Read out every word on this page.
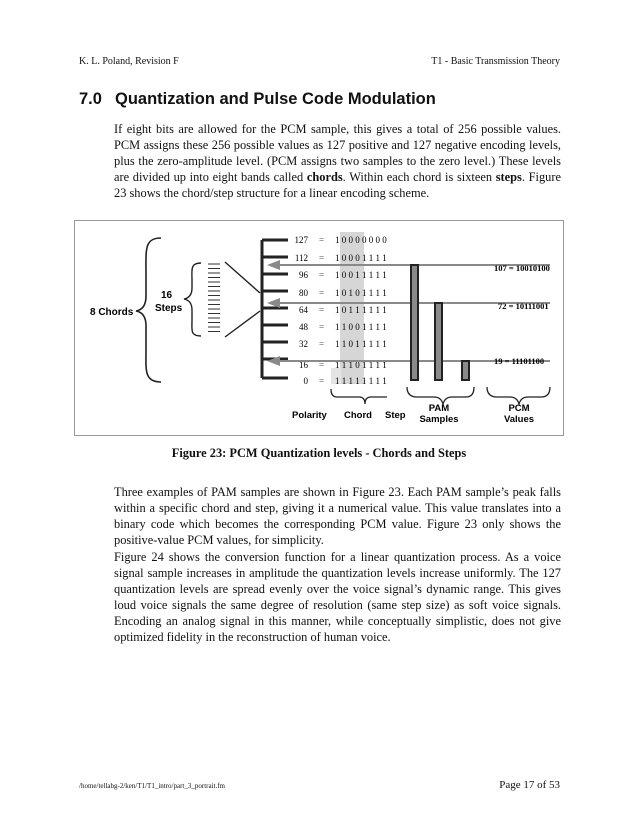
K. L. Poland, Revision F	T1 - Basic Transmission Theory
7.0 Quantization and Pulse Code Modulation

If eight bits are allowed for the PCM sample, this gives a total of 256 possible values. PCM assigns these 256 possible values as 127 positive and 127 negative encoding levels, plus the zero-amplitude level. (PCM assigns two samples to the zero level.) These levels are divided up into eight bands called chords. Within each chord is sixteen steps. Figure 23 shows the chord/step structure for a linear encoding scheme.

8 Chords
16
Steps
127
112
96
80
64
48
32
16
0
=
=
=
=
=
=
=
=
=
1 0 0 0 0 0 0 0
1 0 0 0 1 1 1 1
1 0 0 1 1 1 1 1
1 0 1 0 1 1 1 1
1 0 1 1 1 1 1 1
1 1 0 0 1 1 1 1
1 1 0 1 1 1 1 1
1 1 1 0 1 1 1 1
1 1 1 1 1 1 1 1
107 = 10010100
72 = 10111001
19 = 11101100
Polarity Chord Step
PAM
Samples
PCM
Values

Figure 23: PCM Quantization levels - Chords and Steps

Three examples of PAM samples are shown in Figure 23. Each PAM sample’s peak falls within a specific chord and step, giving it a numerical value. This value translates into a binary code which becomes the corresponding PCM value. Figure 23 only shows the positive-value PCM values, for simplicity.

Figure 24 shows the conversion function for a linear quantization process. As a voice signal sample increases in amplitude the quantization levels increase uniformly. The 127 quantization levels are spread evenly over the voice signal’s dynamic range. This gives loud voice signals the same degree of resolution (same step size) as soft voice signals. Encoding an analog signal in this manner, while conceptually simplistic, does not give optimized fidelity in the reconstruction of human voice.

/home/tellabg-2/ken/T1/T1_intro/part_3_portrait.fm	Page 17 of 53
